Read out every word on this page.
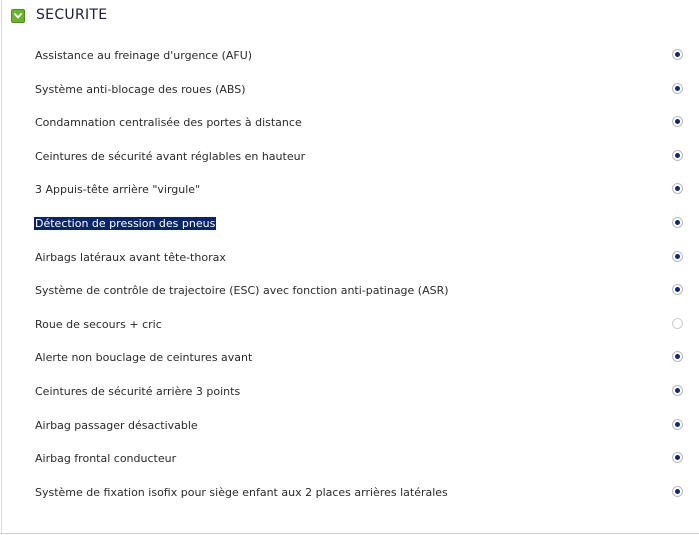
SECURITE
Assistance au freinage d'urgence (AFU)
Système anti-blocage des roues (ABS)
Condamnation centralisée des portes à distance
Ceintures de sécurité avant réglables en hauteur
3 Appuis-tête arrière "virgule"
Détection de pression des pneus
Airbags latéraux avant tête-thorax
Système de contrôle de trajectoire (ESC) avec fonction anti-patinage (ASR)
Roue de secours + cric
Alerte non bouclage de ceintures avant
Ceintures de sécurité arrière 3 points
Airbag passager désactivable
Airbag frontal conducteur
Système de fixation isofix pour siège enfant aux 2 places arrières latérales
